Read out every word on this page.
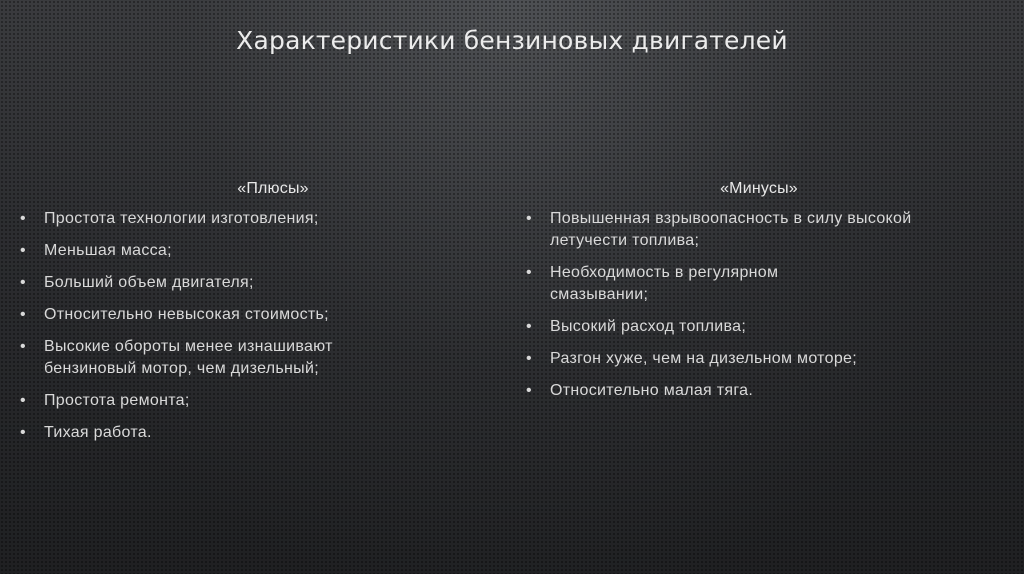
Характеристики бензиновых двигателей
«Плюсы»
• Простота технологии изготовления;
• Меньшая масса;
• Больший объем двигателя;
• Относительно невысокая стоимость;
• Высокие обороты менее изнашивают бензиновый мотор, чем дизельный;
• Простота ремонта;
• Тихая работа.
«Минусы»
• Повышенная взрывоопасность в силу высокой летучести топлива;
• Необходимость в регулярном смазывании;
• Высокий расход топлива;
• Разгон хуже, чем на дизельном моторе;
• Относительно малая тяга.
